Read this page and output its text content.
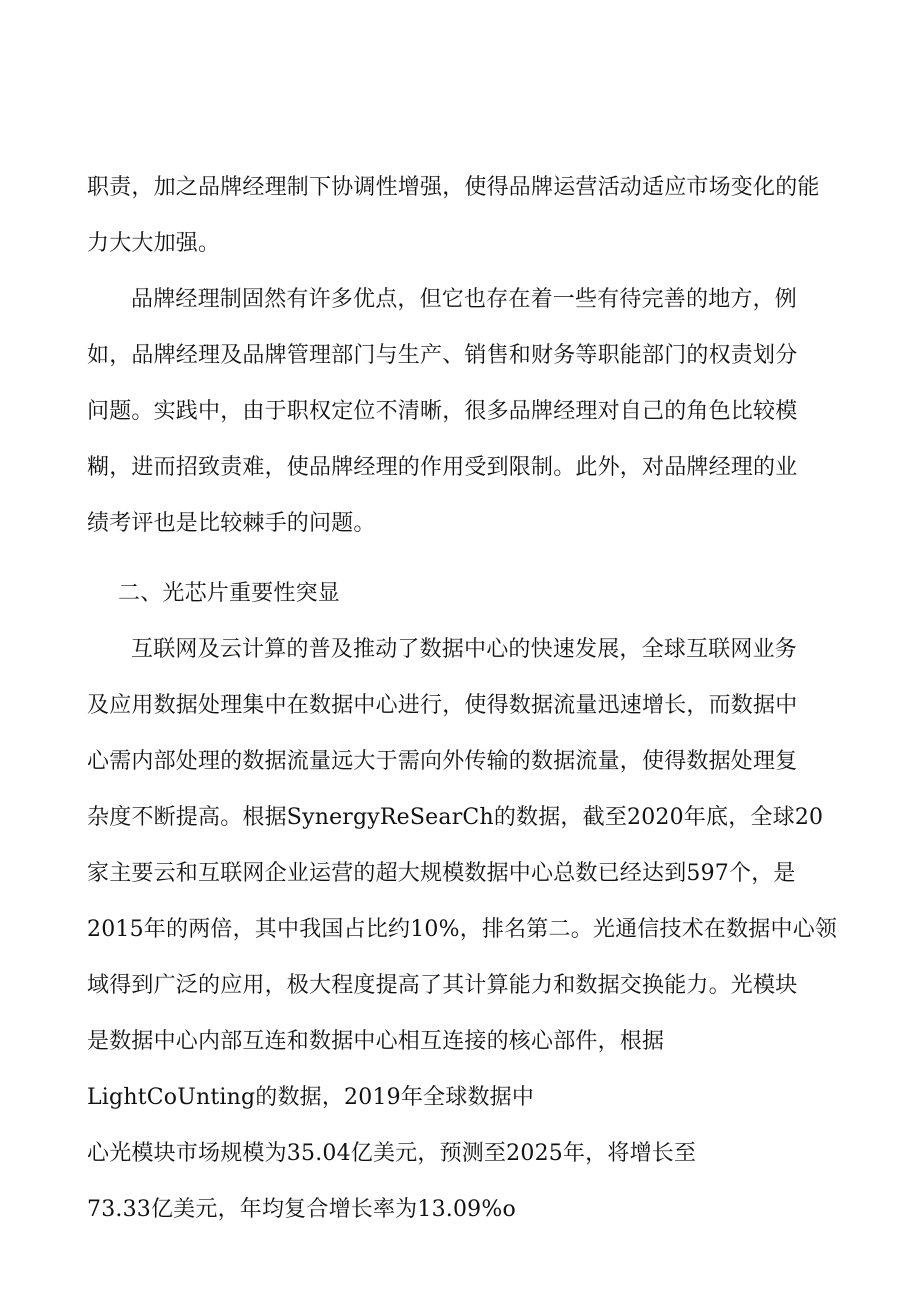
职责，加之品牌经理制下协调性增强，使得品牌运营活动适应市场变化的能
力大大加强。
品牌经理制固然有许多优点，但它也存在着一些有待完善的地方，例
如，品牌经理及品牌管理部门与生产、销售和财务等职能部门的权责划分
问题。实践中，由于职权定位不清晰，很多品牌经理对自己的角色比较模
糊，进而招致责难，使品牌经理的作用受到限制。此外，对品牌经理的业
绩考评也是比较棘手的问题。
二、光芯片重要性突显
互联网及云计算的普及推动了数据中心的快速发展，全球互联网业务
及应用数据处理集中在数据中心进行，使得数据流量迅速增长，而数据中
心需内部处理的数据流量远大于需向外传输的数据流量，使得数据处理复
杂度不断提高。根据SynergyReSearCh的数据，截至2020年底，全球20
家主要云和互联网企业运营的超大规模数据中心总数已经达到597个，是
2015年的两倍，其中我国占比约10%，排名第二。光通信技术在数据中心领
域得到广泛的应用，极大程度提高了其计算能力和数据交换能力。光模块
是数据中心内部互连和数据中心相互连接的核心部件，根据
LightCoUnting的数据，2019年全球数据中
心光模块市场规模为35.04亿美元，预测至2025年，将增长至
73.33亿美元，年均复合增长率为13.09%o
